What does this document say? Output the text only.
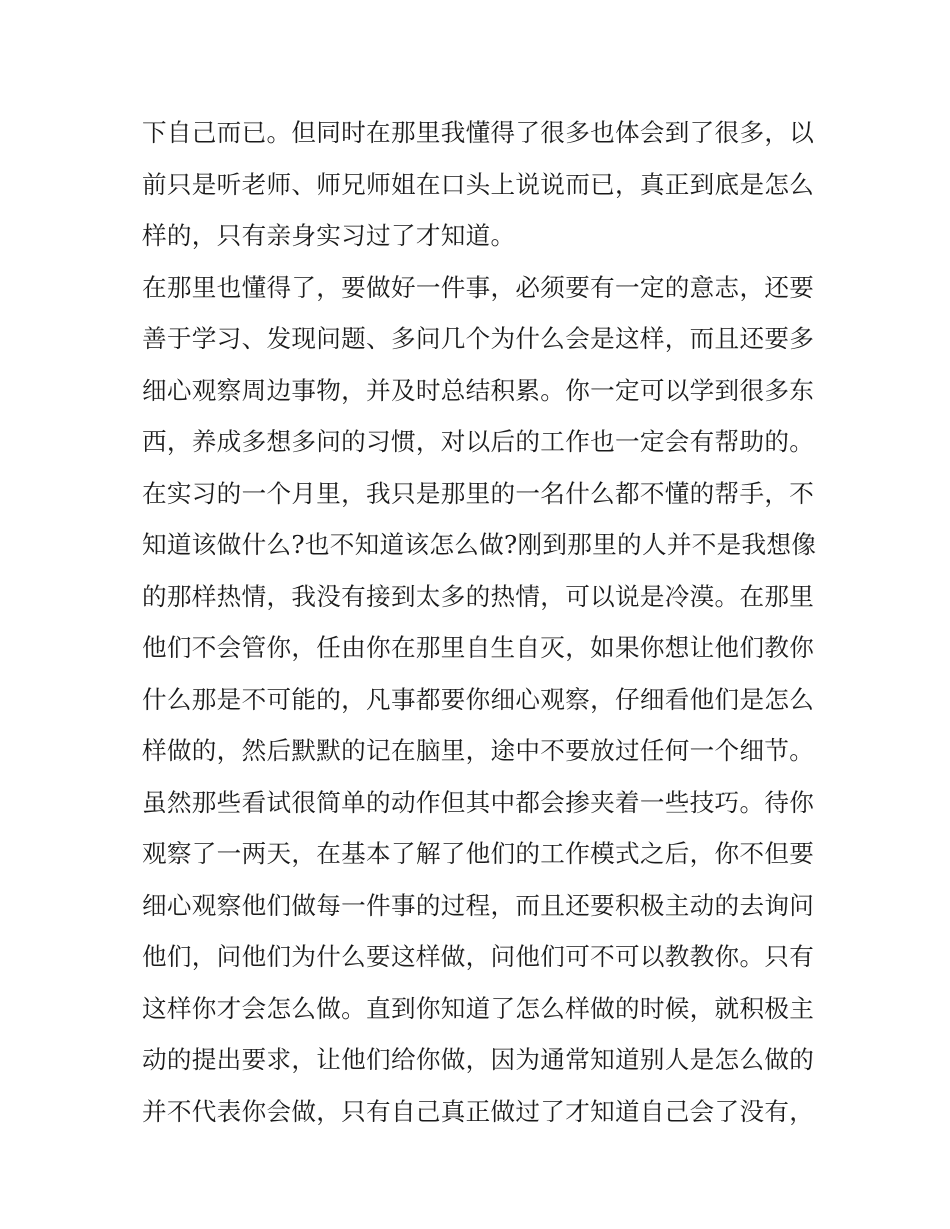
下自己而已。但同时在那里我懂得了很多也体会到了很多，以
前只是听老师、师兄师姐在口头上说说而已，真正到底是怎么
样的，只有亲身实习过了才知道。
在那里也懂得了，要做好一件事，必须要有一定的意志，还要
善于学习、发现问题、多问几个为什么会是这样，而且还要多
细心观察周边事物，并及时总结积累。你一定可以学到很多东
西，养成多想多问的习惯，对以后的工作也一定会有帮助的。
在实习的一个月里，我只是那里的一名什么都不懂的帮手，不
知道该做什么?也不知道该怎么做?刚到那里的人并不是我想像
的那样热情，我没有接到太多的热情，可以说是冷漠。在那里
他们不会管你，任由你在那里自生自灭，如果你想让他们教你
什么那是不可能的，凡事都要你细心观察，仔细看他们是怎么
样做的，然后默默的记在脑里，途中不要放过任何一个细节。
虽然那些看试很简单的动作但其中都会掺夹着一些技巧。待你
观察了一两天，在基本了解了他们的工作模式之后，你不但要
细心观察他们做每一件事的过程，而且还要积极主动的去询问
他们，问他们为什么要这样做，问他们可不可以教教你。只有
这样你才会怎么做。直到你知道了怎么样做的时候，就积极主
动的提出要求，让他们给你做，因为通常知道别人是怎么做的
并不代表你会做，只有自己真正做过了才知道自己会了没有，
